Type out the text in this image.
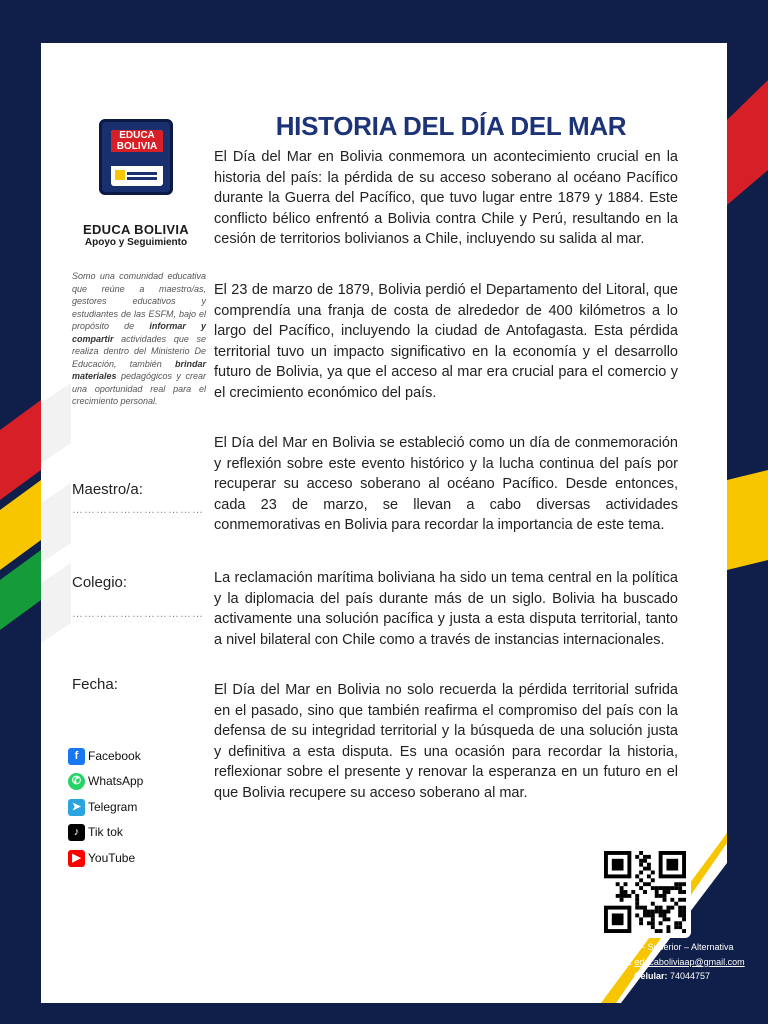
EDUCA
BOLIVIA
EDUCA BOLIVIA
Apoyo y Seguimiento
Somo una comunidad educativa que reúne a maestro/as, gestores educativos y estudiantes de las ESFM, bajo el propósito de informar y compartir actividades que se realiza dentro del Ministerio De Educación, también brindar materiales pedagógicos y crear una oportunidad real para el crecimiento personal.
Maestro/a:
……………………………
Colegio:
……………………………
Fecha:
f Facebook
✆ WhatsApp
➤ Telegram
♪ Tik tok
▶ YouTube
HISTORIA DEL DÍA DEL MAR

El Día del Mar en Bolivia conmemora un acontecimiento crucial en la historia del país: la pérdida de su acceso soberano al océano Pacífico durante la Guerra del Pacífico, que tuvo lugar entre 1879 y 1884. Este conflicto bélico enfrentó a Bolivia contra Chile y Perú, resultando en la cesión de territorios bolivianos a Chile, incluyendo su salida al mar.

El 23 de marzo de 1879, Bolivia perdió el Departamento del Litoral, que comprendía una franja de costa de alrededor de 400 kilómetros a lo largo del Pacífico, incluyendo la ciudad de Antofagasta. Esta pérdida territorial tuvo un impacto significativo en la economía y el desarrollo futuro de Bolivia, ya que el acceso al mar era crucial para el comercio y el crecimiento económico del país.

El Día del Mar en Bolivia se estableció como un día de conmemoración y reflexión sobre este evento histórico y la lucha continua del país por recuperar su acceso soberano al océano Pacífico. Desde entonces, cada 23 de marzo, se llevan a cabo diversas actividades conmemorativas en Bolivia para recordar la importancia de este tema.

La reclamación marítima boliviana ha sido un tema central en la política y la diplomacia del país durante más de un siglo. Bolivia ha buscado activamente una solución pacífica y justa a esta disputa territorial, tanto a nivel bilateral con Chile como a través de instancias internacionales.

El Día del Mar en Bolivia no solo recuerda la pérdida territorial sufrida en el pasado, sino que también reafirma el compromiso del país con la defensa de su integridad territorial y la búsqueda de una solución justa y definitiva a esta disputa. Es una ocasión para recordar la historia, reflexionar sobre el presente y renovar la esperanza en un futuro en el que Bolivia recupere su acceso soberano al mar.

Regular- Superior – Alternativa
Correo: educaboliviaap@gmail.com
Celular: 74044757
